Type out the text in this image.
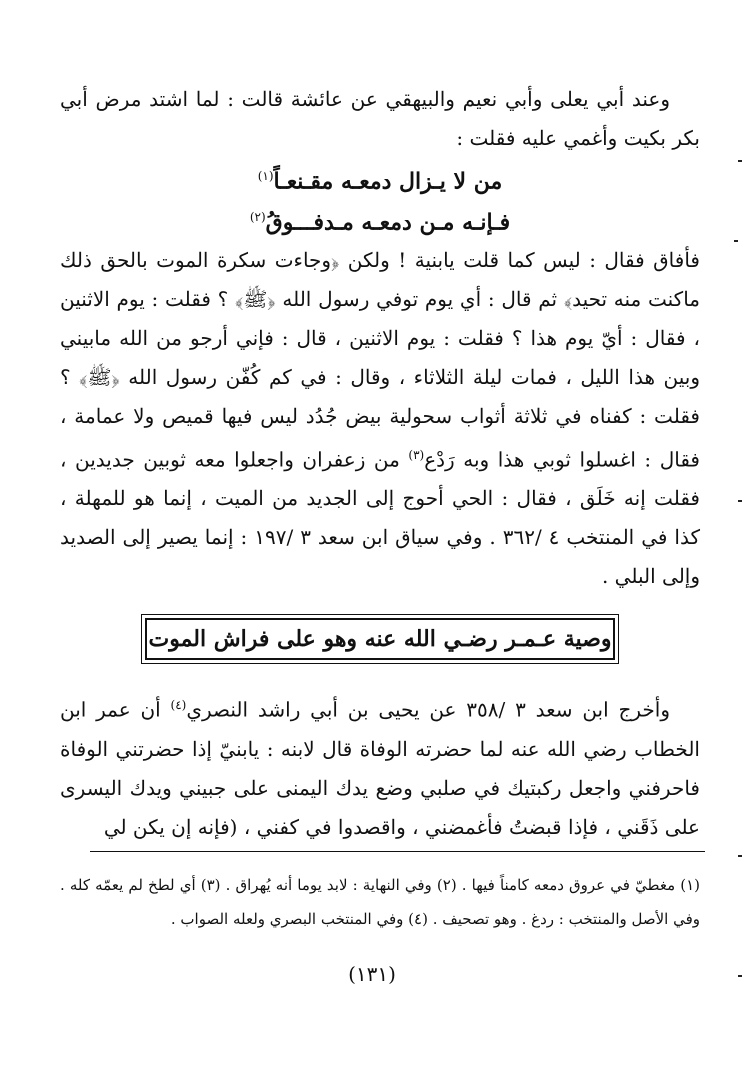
وعند أبي يعلى وأبي نعيم والبيهقي عن عائشة قالت : لما اشتد مرض أبي بكر بكيت وأغمي عليه فقلت :

من لا يـزال دمعـه مقـنعـاً$^{(١)}$

فـإنـه مـن دمعـه مـدفـــوقُ$^{(٢)}$

فأفاق فقال : ليس كما قلت يابنية ! ولكن ﴿وجاءت سكرة الموت بالحق ذلك ماكنت منه تحيد﴾ ثم قال : أي يوم توفي رسول الله ﴿ﷺ﴾ ؟ فقلت : يوم الاثنين ، فقال : أيّ يوم هذا ؟ فقلت : يوم الاثنين ، قال : فإني أرجو من الله مابيني وبين هذا الليل ، فمات ليلة الثلاثاء ، وقال : في كم كُفّن رسول الله ﴿ﷺ﴾ ؟ فقلت : كفناه في ثلاثة أثواب سحولية بيض جُدُد ليس فيها قميص ولا عمامة ، فقال : اغسلوا ثوبي هذا وبه رَدْع$^{(٣)}$ من زعفران واجعلوا معه ثوبين جديدين ، فقلت إنه خَلَق ، فقال : الحي أحوج إلى الجديد من الميت ، إنما هو للمهلة ، كذا في المنتخب ٤ /٣٦٢ . وفي سياق ابن سعد ٣ /١٩٧ : إنما يصير إلى الصديد وإلى البلي .

وصية عـمـر رضـي الله عنه وهو على فراش الموت

وأخرج ابن سعد ٣ /٣٥٨ عن يحيى بن أبي راشد النصري$^{(٤)}$ أن عمر ابن الخطاب رضي الله عنه لما حضرته الوفاة قال لابنه : يابنيّ إذا حضرتني الوفاة فاحرفني واجعل ركبتيك في صلبي وضع يدك اليمنى على جبيني ويدك اليسرى على ذَقَني ، فإذا قبضتُ فأغمضني ، واقصدوا في كفني ، (فإنه إن يكن لي

(١) مغطيّ في عروق دمعه كامناً فيها . (٢) وفي النهاية : لابد يوما أنه يُهراق . (٣) أي لطخ لم يعمّه كله . وفي الأصل والمنتخب : ردغ . وهو تصحيف . (٤) وفي المنتخب البصري ولعله الصواب .
(١٣١)
